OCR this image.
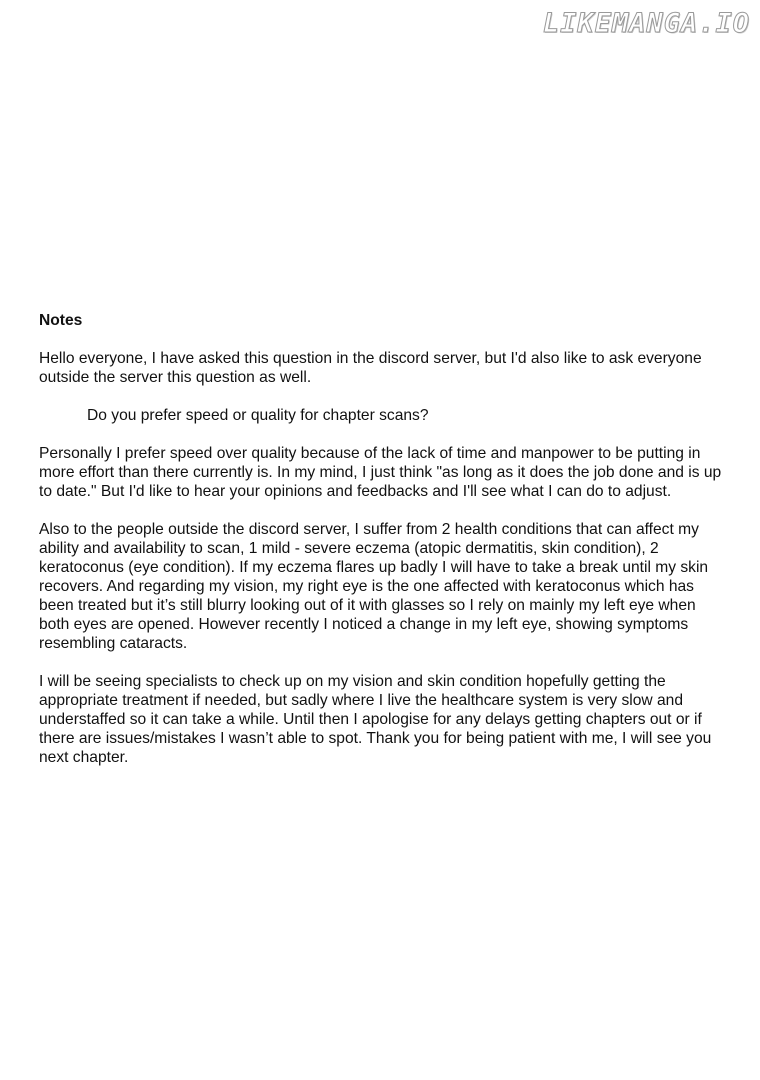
LIKEMANGA.IO
Notes

Hello everyone, I have asked this question in the discord server, but I'd also like to ask everyone outside the server this question as well.

Do you prefer speed or quality for chapter scans?

Personally I prefer speed over quality because of the lack of time and manpower to be putting in more effort than there currently is. In my mind, I just think "as long as it does the job done and is up to date." But I'd like to hear your opinions and feedbacks and I'll see what I can do to adjust.

Also to the people outside the discord server, I suffer from 2 health conditions that can affect my ability and availability to scan, 1 mild - severe eczema (atopic dermatitis, skin condition), 2 keratoconus (eye condition). If my eczema flares up badly I will have to take a break until my skin recovers. And regarding my vision, my right eye is the one affected with keratoconus which has been treated but it’s still blurry looking out of it with glasses so I rely on mainly my left eye when both eyes are opened. However recently I noticed a change in my left eye, showing symptoms resembling cataracts.

I will be seeing specialists to check up on my vision and skin condition hopefully getting the appropriate treatment if needed, but sadly where I live the healthcare system is very slow and understaffed so it can take a while. Until then I apologise for any delays getting chapters out or if there are issues/mistakes I wasn’t able to spot. Thank you for being patient with me, I will see you next chapter.
